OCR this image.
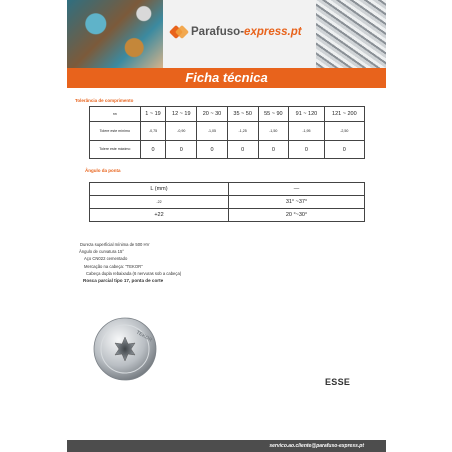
Parafuso-express.pt
Ficha técnica
Tolerância de comprimento
nn	1 ~ 19	12 ~ 19	20 ~ 30	35 ~ 50	55 ~ 90	91 ~ 120	121 ~ 200
Tolere este mínimo	-0,75	-0,90	-1,05	-1,25	-1,50	-1,95	-2,50
Tolere este máximo	0	0	0	0	0	0	0
Ângulo da ponta
L (mm)	—
-22	31° ~37°
+22	20 °~30°
Dureza superficial mínima de 500 HV
Ângulo de curvatura 15°
Aço CN022 cementado
Mercação na cabeça: "TEKOR"
Cabeça dupla rebaixada (6 nervuras sob a cabeça)
Rosca parcial tipo 17, ponta de corte
TEKOR
ESSE
servico.ao.cliente@parafuso-express.pt
